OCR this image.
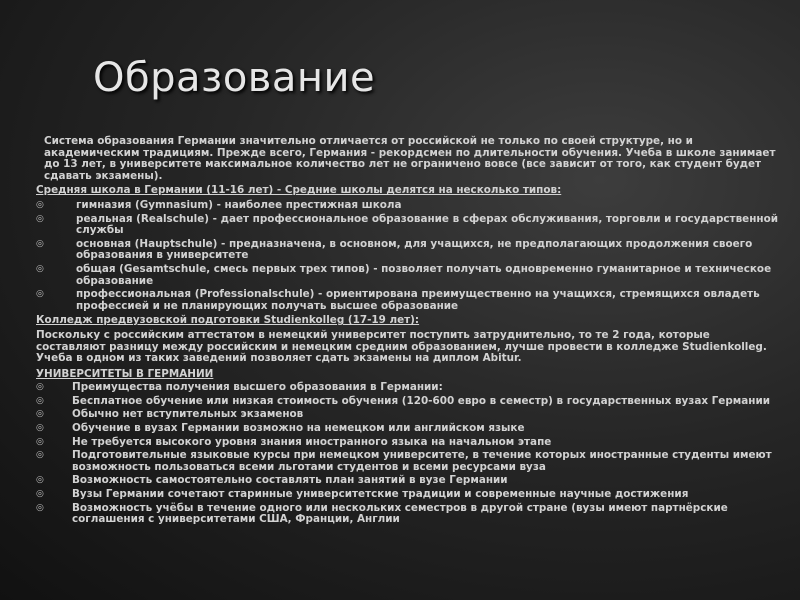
Образование

Система образования Германии значительно отличается от российской не только по своей структуре, но и академическим традициям. Прежде всего, Германия - рекордсмен по длительности обучения. Учеба в школе занимает до 13 лет, в университете максимальное количество лет не ограничено вовсе (все зависит от того, как студент будет сдавать экзамены).

Средняя школа в Германии (11-16 лет) - Средние школы делятся на несколько типов:

◎	гимназия (Gymnasium) - наиболее престижная школа
◎	реальная (Realschule) - дает профессиональное образование в сферах обслуживания, торговли и государственной службы
◎	основная (Hauptschule) - предназначена, в основном, для учащихся, не предполагающих продолжения своего образования в университете
◎	общая (Gesamtschule, смесь первых трех типов) - позволяет получать одновременно гуманитарное и техническое образование
◎	профессиональная (Professionalschule) - ориентирована преимущественно на учащихся, стремящихся овладеть профессией и не планирующих получать высшее образование

Колледж предвузовской подготовки Studienkolleg (17-19 лет):

Поскольку с российским аттестатом в немецкий университет поступить затруднительно, то те 2 года, которые составляют разницу между российским и немецким средним образованием, лучше провести в колледже Studienkolleg. Учеба в одном из таких заведений позволяет сдать экзамены на диплом Abitur.

УНИВЕРСИТЕТЫ В ГЕРМАНИИ

◎	Преимущества получения высшего образования в Германии:
◎	Бесплатное обучение или низкая стоимость обучения (120-600 евро в семестр) в государственных вузах Германии
◎	Обычно нет вступительных экзаменов
◎	Обучение в вузах Германии возможно на немецком или английском языке
◎	Не требуется высокого уровня знания иностранного языка на начальном этапе
◎	Подготовительные языковые курсы при немецком университете, в течение которых иностранные студенты имеют возможность пользоваться всеми льготами студентов и всеми ресурсами вуза
◎	Возможность самостоятельно составлять план занятий в вузе Германии
◎	Вузы Германии сочетают старинные университетские традиции и современные научные достижения
◎	Возможность учёбы в течение одного или нескольких семестров в другой стране (вузы имеют партнёрские соглашения с университетами США, Франции, Англии
